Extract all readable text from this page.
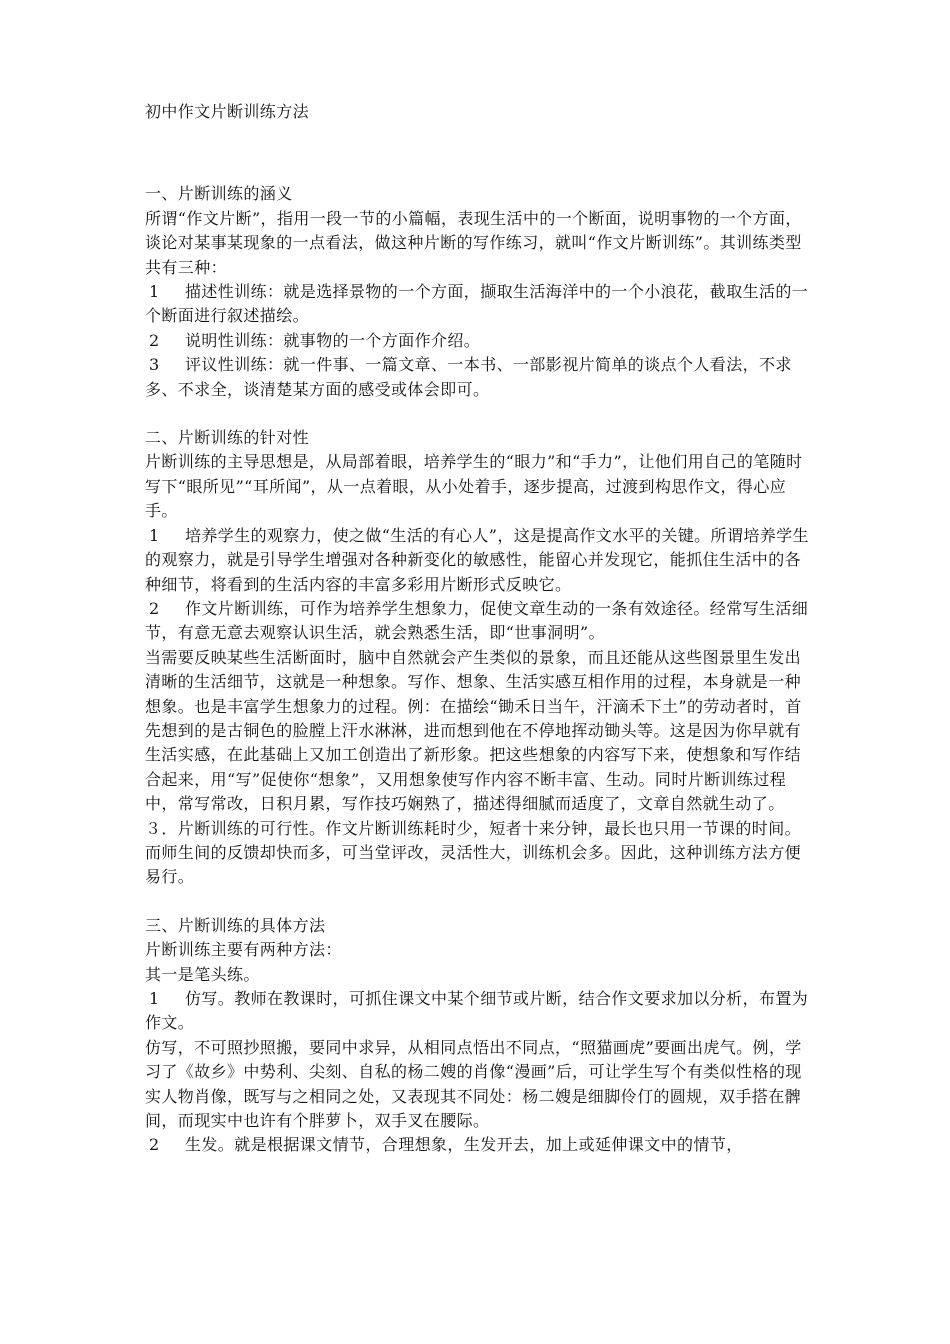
初中作文片断训练方法
一、片断训练的涵义

所谓“作文片断”，指用一段一节的小篇幅，表现生活中的一个断面，说明事物的一个方面，谈论对某事某现象的一点看法，做这种片断的写作练习，就叫“作文片断训练”。其训练类型共有三种：

1 描述性训练：就是选择景物的一个方面，撷取生活海洋中的一个小浪花，截取生活的一个断面进行叙述描绘。

2 说明性训练：就事物的一个方面作介绍。

3 评议性训练：就一件事、一篇文章、一本书、一部影视片简单的谈点个人看法，不求多、不求全，谈清楚某方面的感受或体会即可。

二、片断训练的针对性

片断训练的主导思想是，从局部着眼，培养学生的“眼力”和“手力”，让他们用自己的笔随时写下“眼所见”“耳所闻”，从一点着眼，从小处着手，逐步提高，过渡到构思作文，得心应手。

1 培养学生的观察力，使之做“生活的有心人”，这是提高作文水平的关键。所谓培养学生的观察力，就是引导学生增强对各种新变化的敏感性，能留心并发现它，能抓住生活中的各种细节，将看到的生活内容的丰富多彩用片断形式反映它。

2 作文片断训练，可作为培养学生想象力，促使文章生动的一条有效途径。经常写生活细节，有意无意去观察认识生活，就会熟悉生活，即“世事洞明”。

当需要反映某些生活断面时，脑中自然就会产生类似的景象，而且还能从这些图景里生发出清晰的生活细节，这就是一种想象。写作、想象、生活实感互相作用的过程，本身就是一种想象。也是丰富学生想象力的过程。例：在描绘“锄禾日当午，汗滴禾下土”的劳动者时，首先想到的是古铜色的脸膛上汗水淋淋，进而想到他在不停地挥动锄头等。这是因为你早就有生活实感，在此基础上又加工创造出了新形象。把这些想象的内容写下来，使想象和写作结合起来，用“写”促使你“想象”，又用想象使写作内容不断丰富、生动。同时片断训练过程中，常写常改，日积月累，写作技巧娴熟了，描述得细腻而适度了，文章自然就生动了。

３．片断训练的可行性。作文片断训练耗时少，短者十来分钟，最长也只用一节课的时间。而师生间的反馈却快而多，可当堂评改，灵活性大，训练机会多。因此，这种训练方法方便易行。

三、片断训练的具体方法

片断训练主要有两种方法：

其一是笔头练。

1 仿写。教师在教课时，可抓住课文中某个细节或片断，结合作文要求加以分析，布置为作文。

仿写，不可照抄照搬，要同中求异，从相同点悟出不同点，“照猫画虎”要画出虎气。例，学习了《故乡》中势利、尖刻、自私的杨二嫂的肖像“漫画”后，可让学生写个有类似性格的现实人物肖像，既写与之相同之处，又表现其不同处：杨二嫂是细脚伶仃的圆规，双手搭在髀间，而现实中也许有个胖萝卜，双手叉在腰际。

2 生发。就是根据课文情节，合理想象，生发开去，加上或延伸课文中的情节，
